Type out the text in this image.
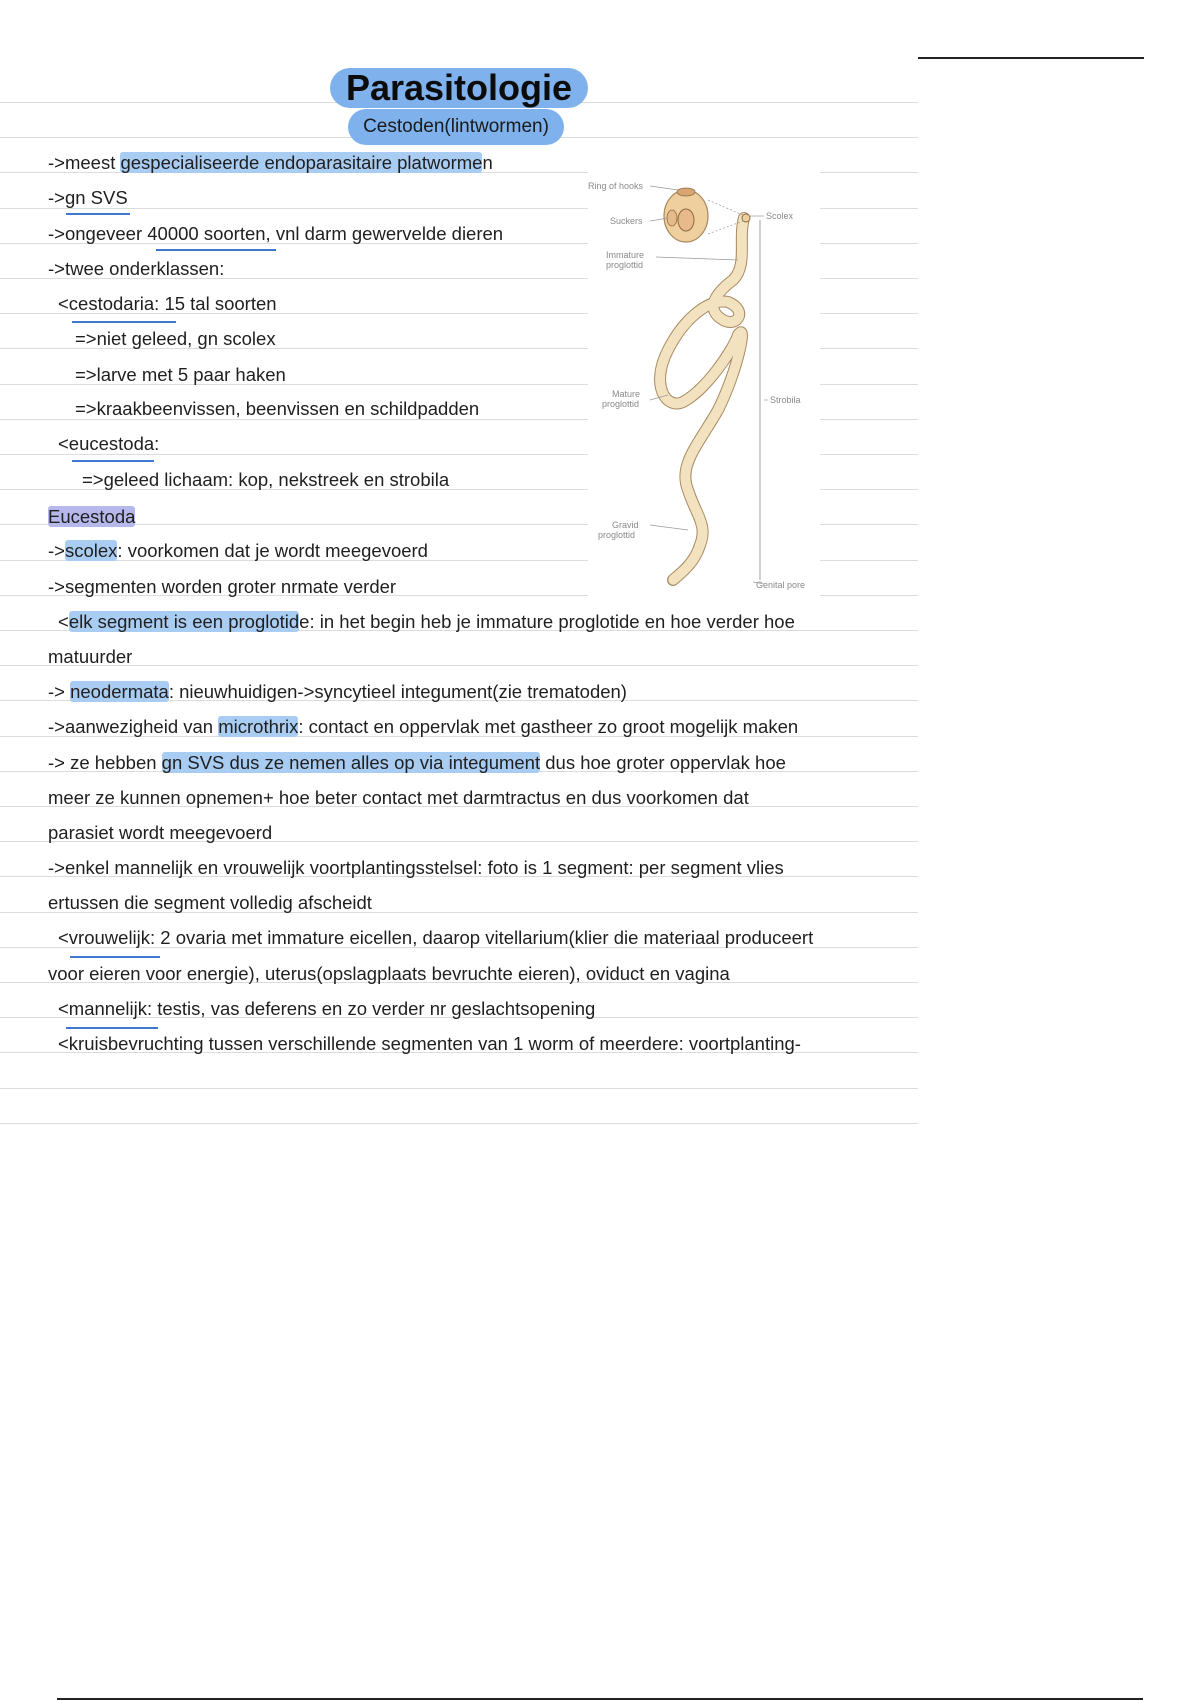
Parasitologie
Cestoden(lintwormen)
->meest gespecialiseerde endoparasitaire platwormen
->gn SVS
->ongeveer 40000 soorten, vnl darm gewervelde dieren
->twee onderklassen:
<cestodaria: 15 tal soorten
=>niet geleed, gn scolex
=>larve met 5 paar haken
=>kraakbeenvissen, beenvissen en schildpadden
<eucestoda:
=>geleed lichaam: kop, nekstreek en strobila
Eucestoda
->scolex: voorkomen dat je wordt meegevoerd
->segmenten worden groter nrmate verder
<elk segment is een proglotide: in het begin heb je immature proglotide en hoe verder hoe
matuurder
-> neodermata: nieuwhuidigen->syncytieel integument(zie trematoden)
->aanwezigheid van microthrix: contact en oppervlak met gastheer zo groot mogelijk maken
-> ze hebben gn SVS dus ze nemen alles op via integument dus hoe groter oppervlak hoe
meer ze kunnen opnemen+ hoe beter contact met darmtractus en dus voorkomen dat
parasiet wordt meegevoerd
->enkel mannelijk en vrouwelijk voortplantingsstelsel: foto is 1 segment: per segment vlies
ertussen die segment volledig afscheidt
<vrouwelijk: 2 ovaria met immature eicellen, daarop vitellarium(klier die materiaal produceert
voor eieren voor energie), uterus(opslagplaats bevruchte eieren), oviduct en vagina
<mannelijk: testis, vas deferens en zo verder nr geslachtsopening
<kruisbevruchting tussen verschillende segmenten van 1 worm of meerdere: voortplanting-
Ring of hooks
Suckers
Immature
proglottid
Scolex
Mature
proglottid	Strobila
Gravid
proglottid
Genital pore
